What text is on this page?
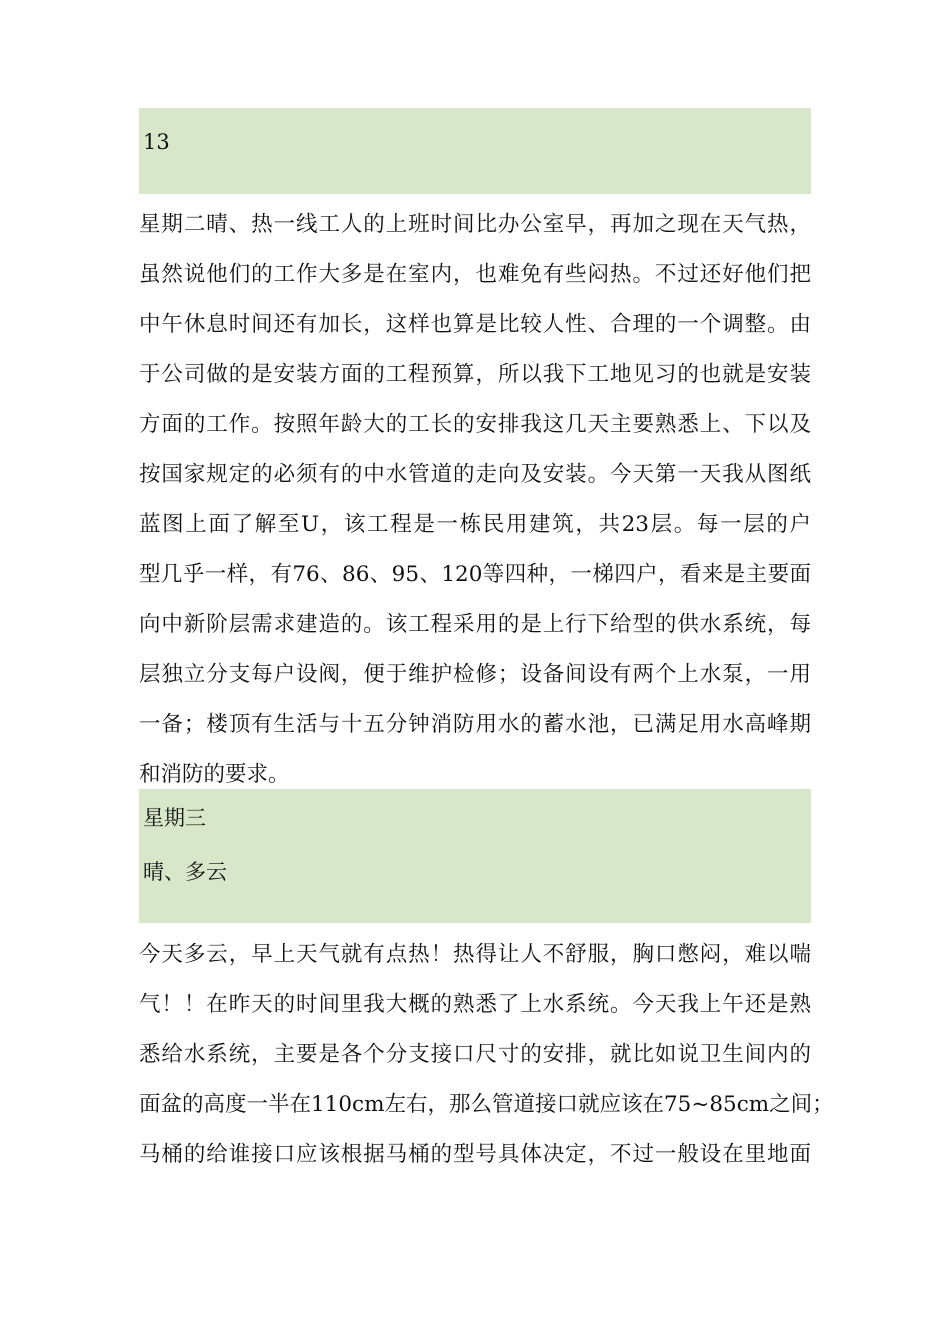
13
星期二晴、热一线工人的上班时间比办公室早，再加之现在天气热，
虽然说他们的工作大多是在室内，也难免有些闷热。不过还好他们把
中午休息时间还有加长，这样也算是比较人性、合理的一个调整。由
于公司做的是安装方面的工程预算，所以我下工地见习的也就是安装
方面的工作。按照年龄大的工长的安排我这几天主要熟悉上、下以及
按国家规定的必须有的中水管道的走向及安装。今天第一天我从图纸
蓝图上面了解至U，该工程是一栋民用建筑，共23层。每一层的户
型几乎一样，有76、86、95、120等四种，一梯四户，看来是主要面
向中新阶层需求建造的。该工程采用的是上行下给型的供水系统，每
层独立分支每户设阀，便于维护检修；设备间设有两个上水泵，一用
一备；楼顶有生活与十五分钟消防用水的蓄水池，已满足用水高峰期
和消防的要求。
星期三
晴、多云
今天多云，早上天气就有点热！热得让人不舒服，胸口憋闷，难以喘
气！！在昨天的时间里我大概的熟悉了上水系统。今天我上午还是熟
悉给水系统，主要是各个分支接口尺寸的安排，就比如说卫生间内的
面盆的高度一半在110cm左右，那么管道接口就应该在75~85cm之间；
马桶的给谁接口应该根据马桶的型号具体决定，不过一般设在里地面
